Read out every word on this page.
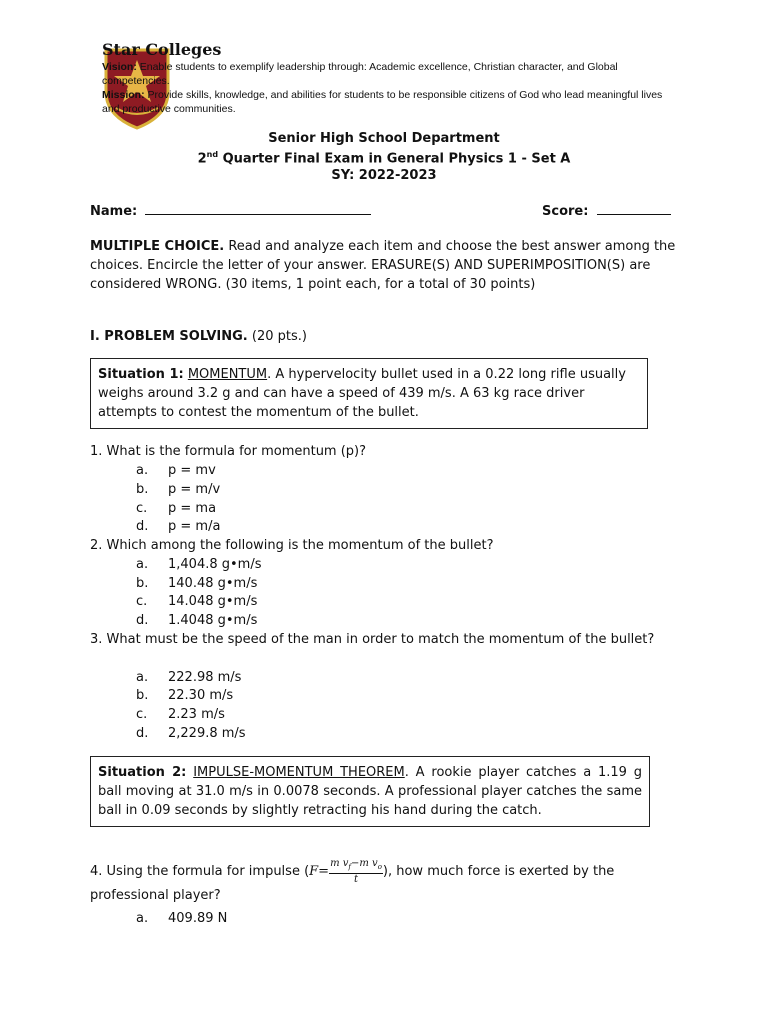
Star Colleges
Vision: Enable students to exemplify leadership through: Academic excellence, Christian character, and Global competencies.
Mission: Provide skills, knowledge, and abilities for students to be responsible citizens of God who lead meaningful lives and productive communities.
Senior High School Department
2nd Quarter Final Exam in General Physics 1 - Set A
SY: 2022-2023
Name:	Score:
MULTIPLE CHOICE. Read and analyze each item and choose the best answer among the choices. Encircle the letter of your answer. ERASURE(S) AND SUPERIMPOSITION(S) are considered WRONG. (30 items, 1 point each, for a total of 30 points)
I. PROBLEM SOLVING. (20 pts.)
Situation 1: MOMENTUM. A hypervelocity bullet used in a 0.22 long rifle usually weighs around 3.2 g and can have a speed of 439 m/s. A 63 kg race driver attempts to contest the momentum of the bullet.
1. What is the formula for momentum (p)?
a. p = mv
b. p = m/v
c. p = ma
d. p = m/a
2. Which among the following is the momentum of the bullet?
a. 1,404.8 g•m/s
b. 140.48 g•m/s
c. 14.048 g•m/s
d. 1.4048 g•m/s
3. What must be the speed of the man in order to match the momentum of the bullet?
a. 222.98 m/s
b. 22.30 m/s
c. 2.23 m/s
d. 2,229.8 m/s
Situation 2: IMPULSE-MOMENTUM THEOREM. A rookie player catches a 1.19 g ball moving at 31.0 m/s in 0.0078 seconds. A professional player catches the same ball in 0.09 seconds by slightly retracting his hand during the catch.
4. Using the formula for impulse ($F= \frac{m v_f-m v_o}{t}$ ), how much force is exerted by the professional player?
a. 409.89 N
